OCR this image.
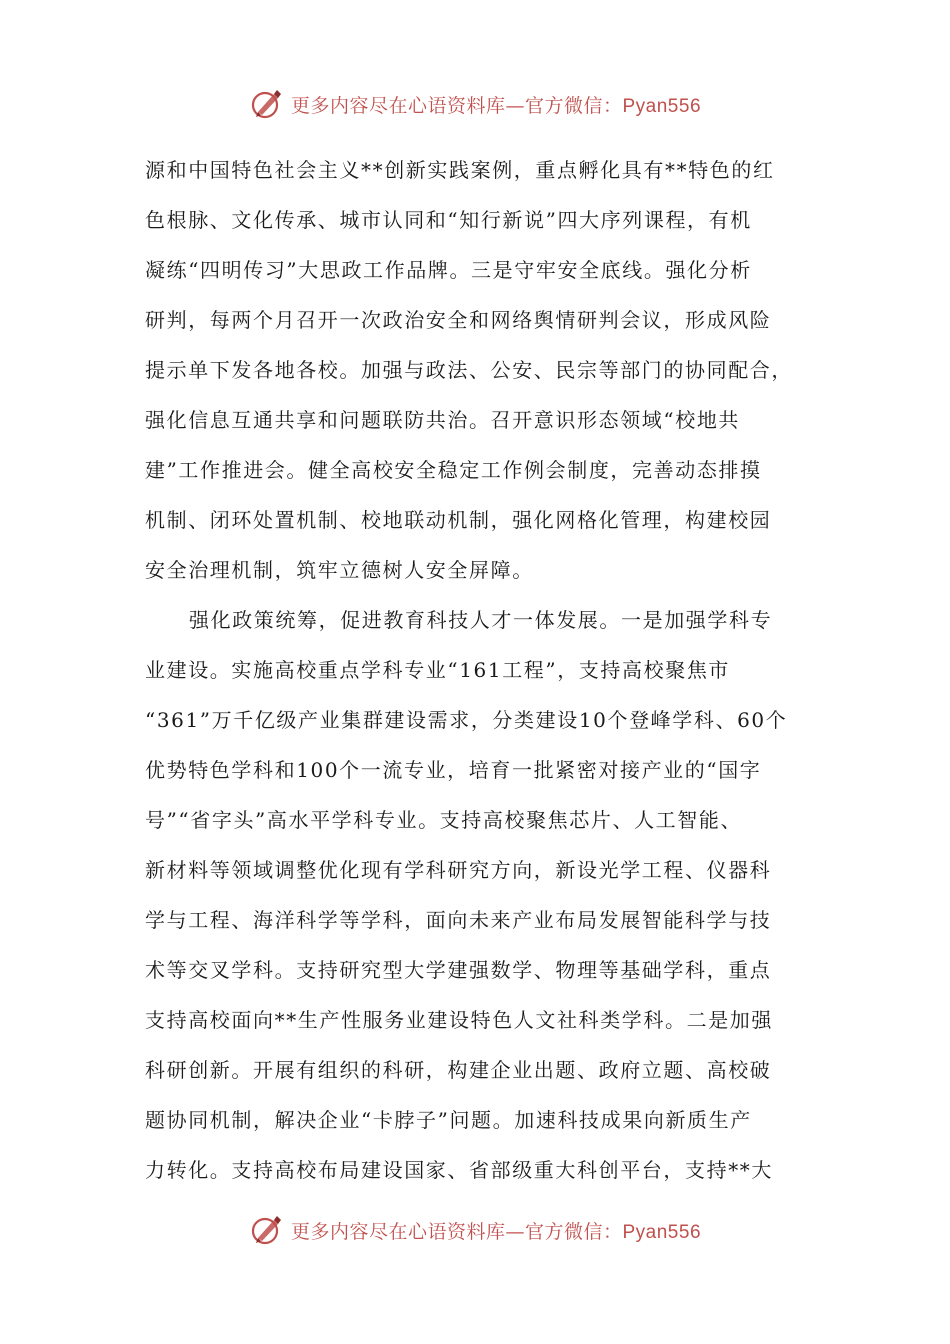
更多内容尽在心语资料库—官方微信：Pyan556
源和中国特色社会主义**创新实践案例，重点孵化具有**特色的红
色根脉、文化传承、城市认同和“知行新说”四大序列课程，有机
凝练“四明传习”大思政工作品牌。三是守牢安全底线。强化分析
研判，每两个月召开一次政治安全和网络舆情研判会议，形成风险
提示单下发各地各校。加强与政法、公安、民宗等部门的协同配合，
强化信息互通共享和问题联防共治。召开意识形态领域“校地共
建”工作推进会。健全高校安全稳定工作例会制度，完善动态排摸
机制、闭环处置机制、校地联动机制，强化网格化管理，构建校园
安全治理机制，筑牢立德树人安全屏障。
强化政策统筹，促进教育科技人才一体发展。一是加强学科专
业建设。实施高校重点学科专业“161工程”，支持高校聚焦市
“361”万千亿级产业集群建设需求，分类建设10个登峰学科、60个
优势特色学科和100个一流专业，培育一批紧密对接产业的“国字
号”“省字头”高水平学科专业。支持高校聚焦芯片、人工智能、
新材料等领域调整优化现有学科研究方向，新设光学工程、仪器科
学与工程、海洋科学等学科，面向未来产业布局发展智能科学与技
术等交叉学科。支持研究型大学建强数学、物理等基础学科，重点
支持高校面向**生产性服务业建设特色人文社科类学科。二是加强
科研创新。开展有组织的科研，构建企业出题、政府立题、高校破
题协同机制，解决企业“卡脖子”问题。加速科技成果向新质生产
力转化。支持高校布局建设国家、省部级重大科创平台，支持**大
更多内容尽在心语资料库—官方微信：Pyan556
